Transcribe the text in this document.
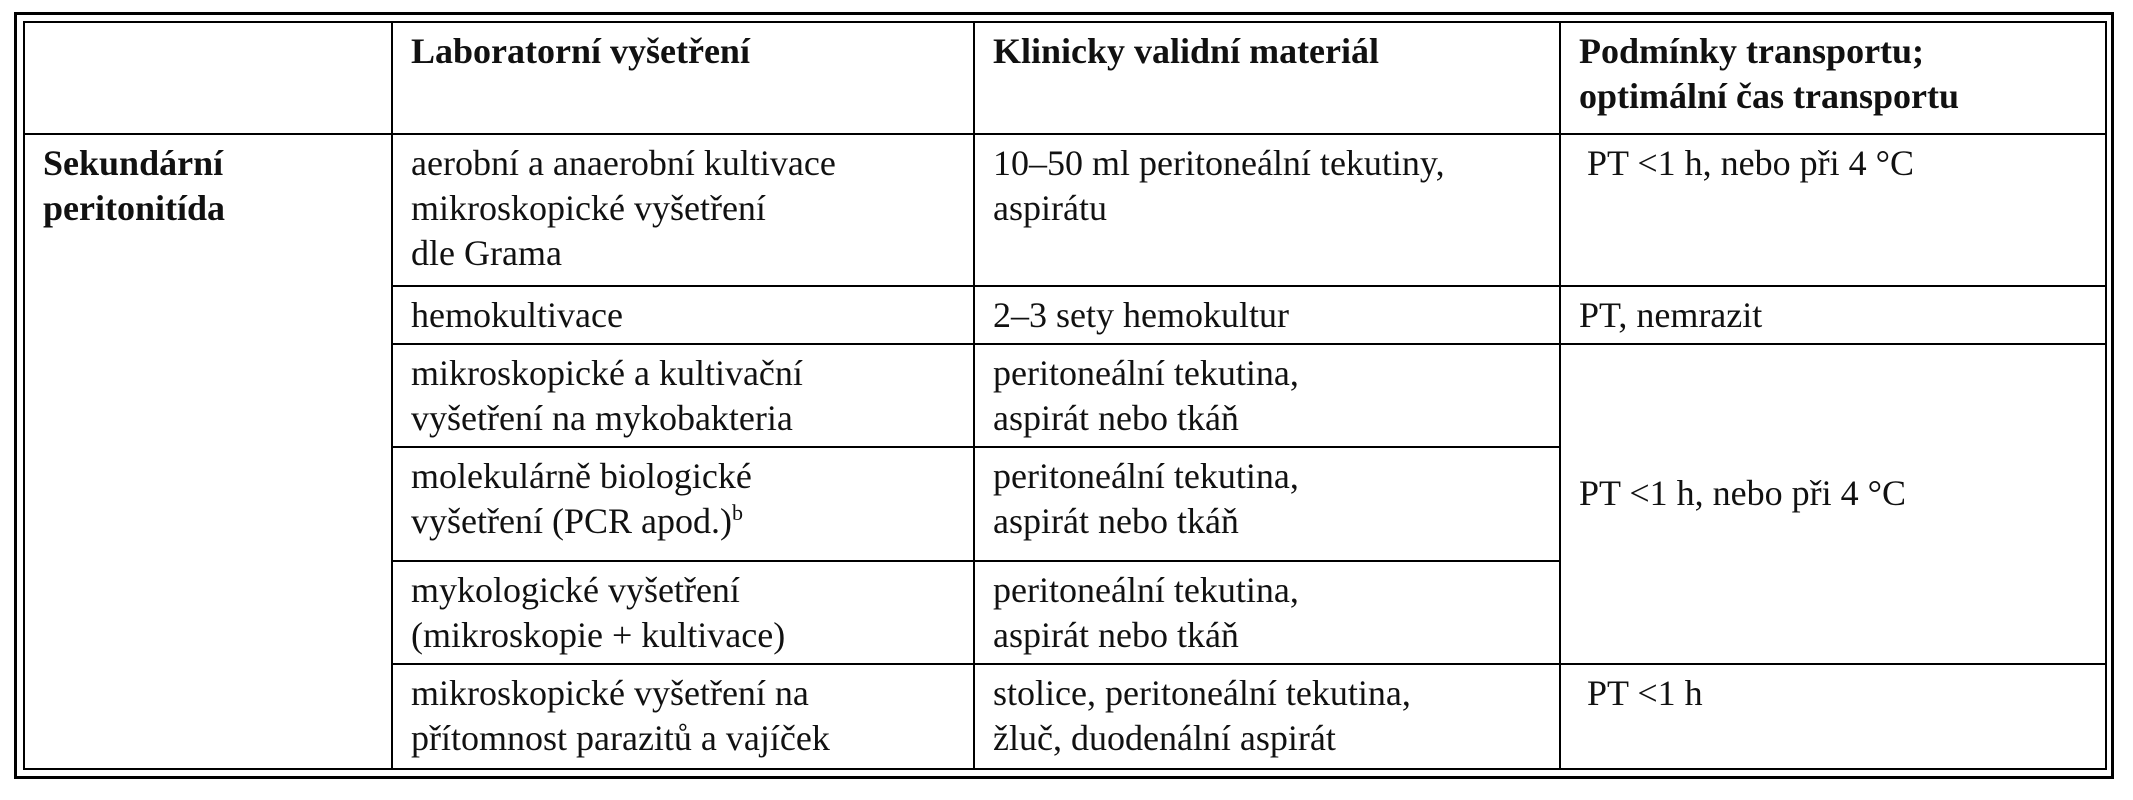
	Laboratorní vyšetření	Klinicky validní materiál	Podmínky transportu;
optimální čas transportu

Sekundární
peritonitída	aerobní a anaerobní kultivace
mikroskopické vyšetření
dle Grama	10–50 ml peritoneální tekutiny,
aspirátu	PT <1 h, nebo při 4 °C

	hemokultivace	2–3 sety hemokultur	PT, nemrazit

	mikroskopické a kultivační
vyšetření na mykobakteria	peritoneální tekutina,
aspirát nebo tkáň	PT <1 h, nebo při 4 °C

	molekulárně biologické
vyšetření (PCR apod.)$^b$	peritoneální tekutina,
aspirát nebo tkáň	

	mykologické vyšetření
(mikroskopie + kultivace)	peritoneální tekutina,
aspirát nebo tkáň	

	mikroskopické vyšetření na
přítomnost parazitů a vajíček	stolice, peritoneální tekutina,
žluč, duodenální aspirát	PT <1 h
